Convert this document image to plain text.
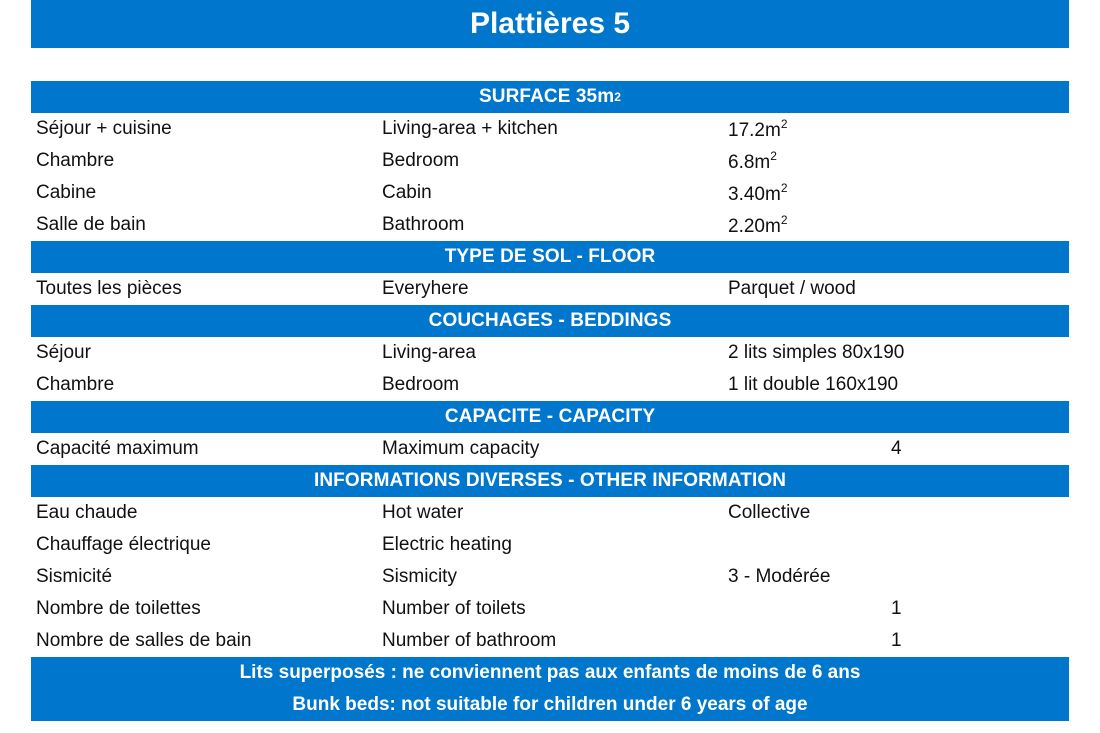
Plattières 5
SURFACE 35m 2
Séjour + cuisine	Living-area + kitchen	$17.2m^2$
Chambre	Bedroom	$6.8m^2$
Cabine	Cabin	$3.40m^2$
Salle de bain	Bathroom	$2.20m^2$
TYPE DE SOL - FLOOR
Toutes les pièces	Everyhere	Parquet / wood
COUCHAGES - BEDDINGS
Séjour	Living-area	2 lits simples 80x190
Chambre	Bedroom	1 lit double 160x190
CAPACITE - CAPACITY
Capacité maximum	Maximum capacity	4
INFORMATIONS DIVERSES - OTHER INFORMATION
Eau chaude	Hot water	Collective
Chauffage électrique	Electric heating
Sismicité	Sismicity	3 - Modérée
Nombre de toilettes	Number of toilets	1
Nombre de salles de bain	Number of bathroom	1
Lits superposés : ne conviennent pas aux enfants de moins de 6 ans
Bunk beds: not suitable for children under 6 years of age
